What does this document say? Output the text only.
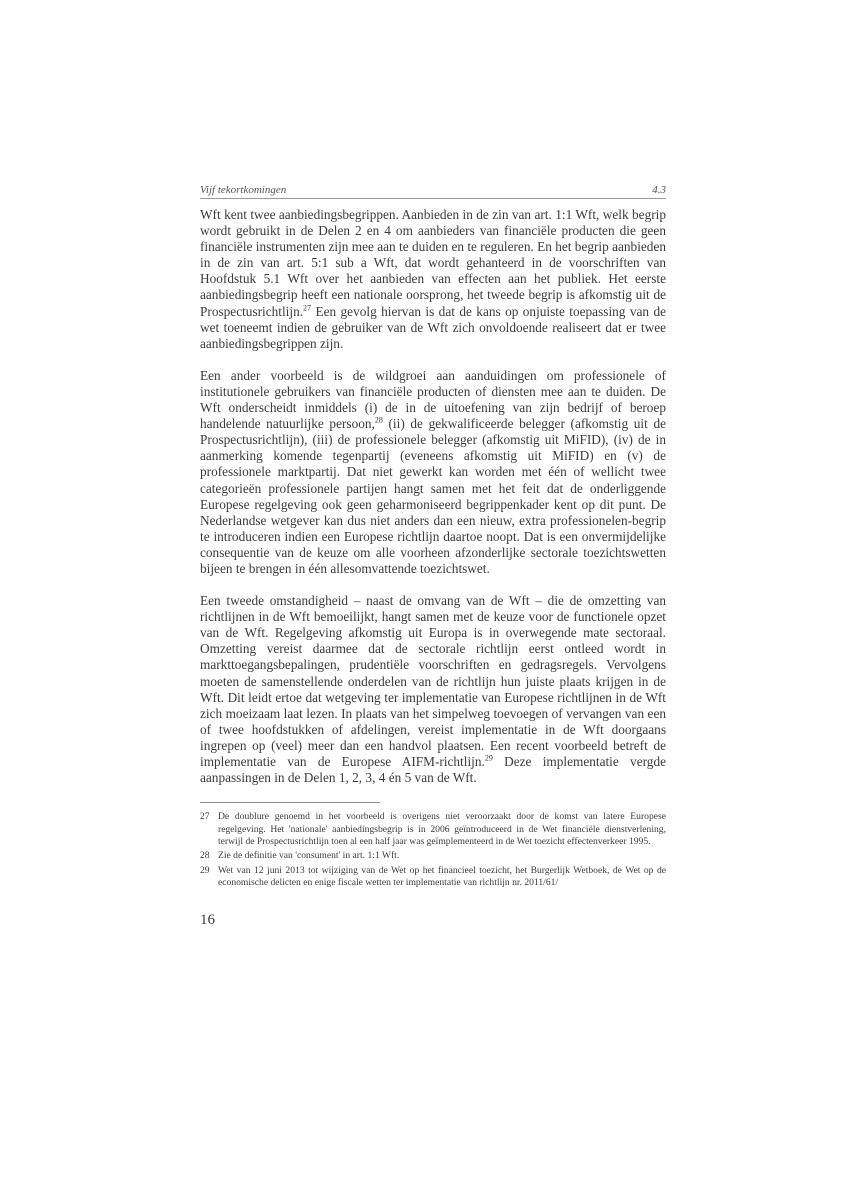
Vijf tekortkomingen	4.3

Wft kent twee aanbiedingsbegrippen. Aanbieden in de zin van art. 1:1 Wft, welk begrip wordt gebruikt in de Delen 2 en 4 om aanbieders van financiële producten die geen financiële instrumenten zijn mee aan te duiden en te reguleren. En het begrip aanbieden in de zin van art. 5:1 sub a Wft, dat wordt gehanteerd in de voorschriften van Hoofdstuk 5.1 Wft over het aanbieden van effecten aan het publiek. Het eerste aanbiedingsbegrip heeft een nationale oorsprong, het tweede begrip is afkomstig uit de Prospectusrichtlijn.$^{27}$ Een gevolg hiervan is dat de kans op onjuiste toepassing van de wet toeneemt indien de gebruiker van de Wft zich onvoldoende realiseert dat er twee aanbiedingsbegrippen zijn.

Een ander voorbeeld is de wildgroei aan aanduidingen om professionele of institutionele gebruikers van financiële producten of diensten mee aan te duiden. De Wft onderscheidt inmiddels (i) de in de uitoefening van zijn bedrijf of beroep handelende natuurlijke persoon,$^{28}$ (ii) de gekwalificeerde belegger (afkomstig uit de Prospectusrichtlijn), (iii) de professionele belegger (afkomstig uit MiFID), (iv) de in aanmerking komende tegenpartij (eveneens afkomstig uit MiFID) en (v) de professionele marktpartij. Dat niet gewerkt kan worden met één of wellicht twee categorieën professionele partijen hangt samen met het feit dat de onderliggende Europese regelgeving ook geen geharmoniseerd begrippenkader kent op dit punt. De Nederlandse wetgever kan dus niet anders dan een nieuw, extra professionelen-begrip te introduceren indien een Europese richtlijn daartoe noopt. Dat is een onvermijdelijke consequentie van de keuze om alle voorheen afzonderlijke sectorale toezichtswetten bijeen te brengen in één allesomvattende toezichtswet.

Een tweede omstandigheid – naast de omvang van de Wft – die de omzetting van richtlijnen in de Wft bemoeilijkt, hangt samen met de keuze voor de functionele opzet van de Wft. Regelgeving afkomstig uit Europa is in overwegende mate sectoraal. Omzetting vereist daarmee dat de sectorale richtlijn eerst ontleed wordt in markttoegangsbepalingen, prudentiële voorschriften en gedragsregels. Vervolgens moeten de samenstellende onderdelen van de richtlijn hun juiste plaats krijgen in de Wft. Dit leidt ertoe dat wetgeving ter implementatie van Europese richtlijnen in de Wft zich moeizaam laat lezen. In plaats van het simpelweg toevoegen of vervangen van een of twee hoofdstukken of afdelingen, vereist implementatie in de Wft doorgaans ingrepen op (veel) meer dan een handvol plaatsen. Een recent voorbeeld betreft de implementatie van de Europese AIFM-richtlijn.$^{29}$ Deze implementatie vergde aanpassingen in de Delen 1, 2, 3, 4 én 5 van de Wft.

27 De doublure genoemd in het voorbeeld is overigens niet veroorzaakt door de komst van latere Europese regelgeving. Het 'nationale' aanbiedingsbegrip is in 2006 geïntroduceerd in de Wet financiële dienstverlening, terwijl de Prospectusrichtlijn toen al een half jaar was geïmplementeerd in de Wet toezicht effectenverkeer 1995.
28 Zie de definitie van 'consument' in art. 1:1 Wft.
29 Wet van 12 juni 2013 tot wijziging van de Wet op het financieel toezicht, het Burgerlijk Wetboek, de Wet op de economische delicten en enige fiscale wetten ter implementatie van richtlijn nr. 2011/61/
16
